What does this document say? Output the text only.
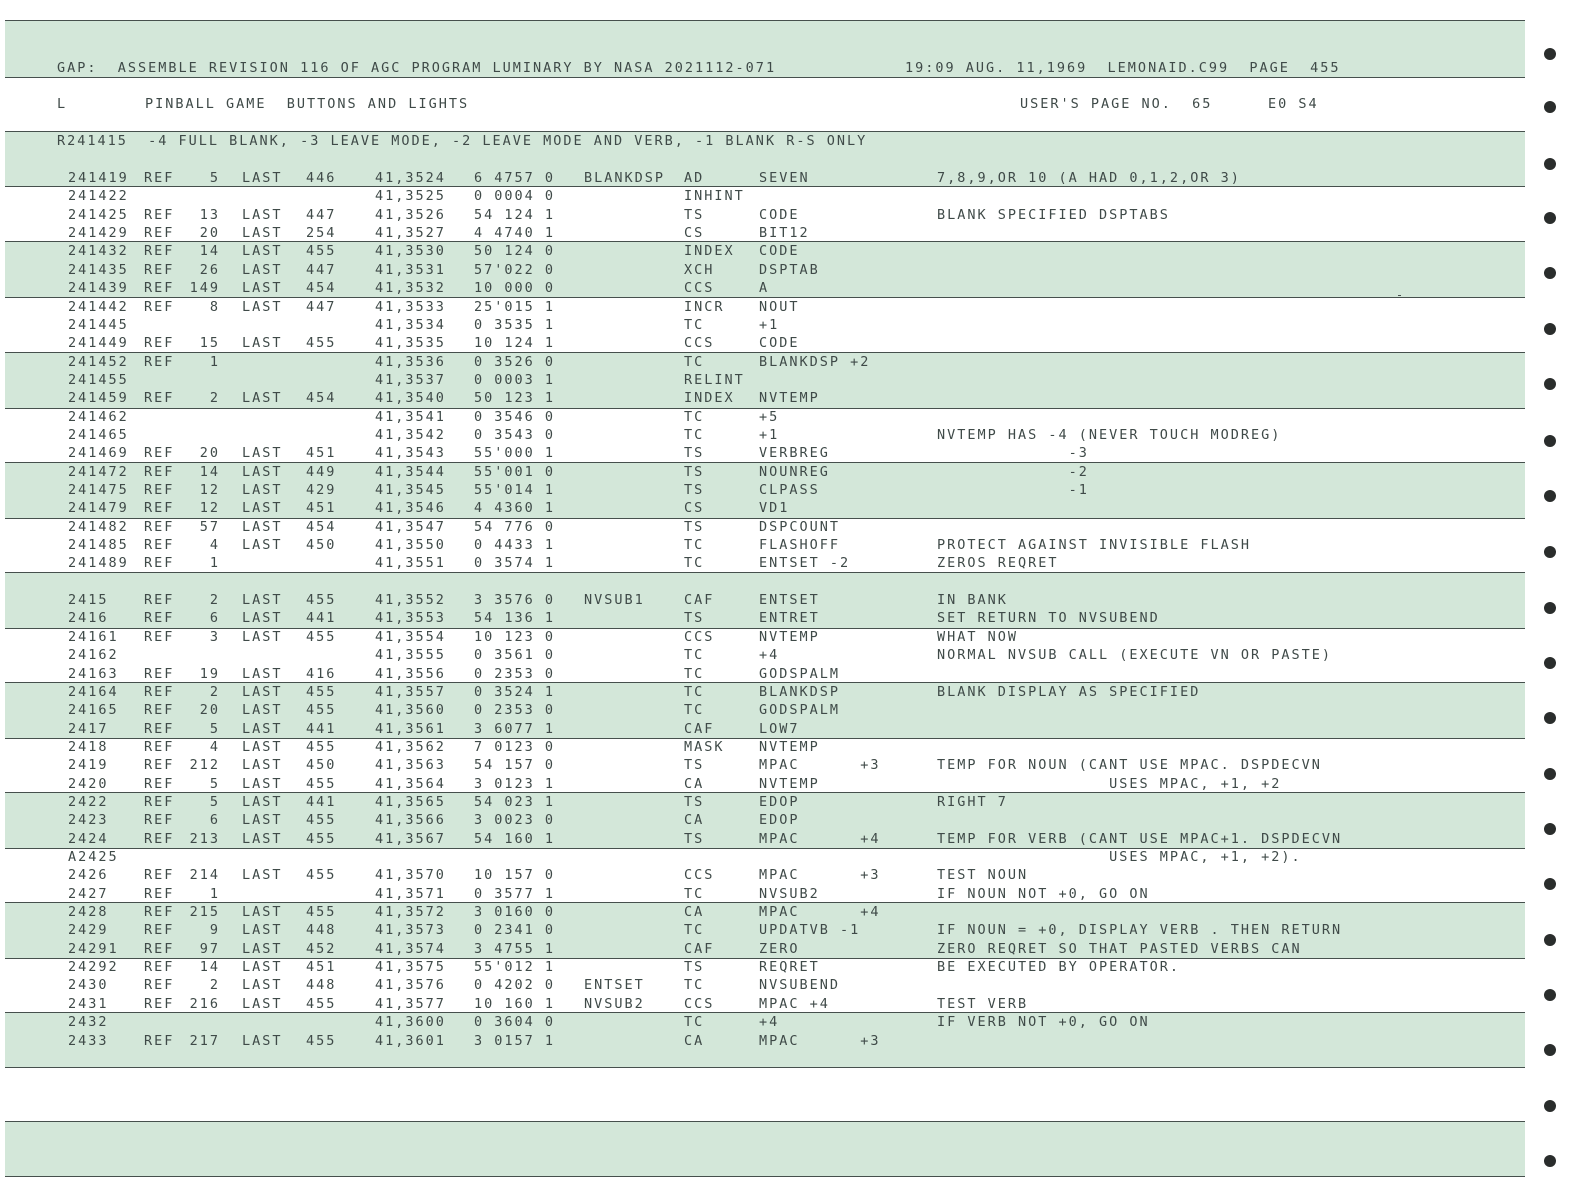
GAP:  ASSEMBLE REVISION 116 OF AGC PROGRAM LUMINARY BY NASA 2021112-071	19:09 AUG. 11,1969  LEMONAID.C99  PAGE  455
L	PINBALL GAME  BUTTONS AND LIGHTS	USER'S PAGE NO.  65	E0 S4
R241415  -4 FULL BLANK, -3 LEAVE MODE, -2 LEAVE MODE AND VERB, -1 BLANK R-S ONLY
241419 REF	5 LAST 446	41,3524 6 4757 0 BLANKDSP AD	SEVEN	7,8,9,OR 10 (A HAD 0,1,2,OR 3)
241422	41,3525 0 0004 0	INHINT
241425 REF	13 LAST 447	41,3526 54 124 1	TS	CODE	BLANK SPECIFIED DSPTABS
241429 REF	20 LAST 254	41,3527 4 4740 1	CS	BIT12
241432 REF	14 LAST 455	41,3530 50 124 0	INDEX CODE
241435 REF	26 LAST 447	41,3531 57'022 0	XCH	DSPTAB
241439 REF	149 LAST 454	41,3532 10 000 0	CCS	A
241442 REF	8 LAST 447	41,3533 25'015 1	INCR	NOUT
241445	41,3534 0 3535 1	TC	+1
241449 REF	15 LAST 455	41,3535 10 124 1	CCS	CODE
241452 REF	1	41,3536 0 3526 0	TC	BLANKDSP +2
241455	41,3537 0 0003 1	RELINT
241459 REF	2 LAST 454	41,3540 50 123 1	INDEX NVTEMP
241462	41,3541 0 3546 0	TC	+5
241465	41,3542 0 3543 0	TC	+1	NVTEMP HAS -4 (NEVER TOUCH MODREG)
241469 REF	20 LAST 451	41,3543 55'000 1	TS	VERBREG	-3
241472 REF	14 LAST 449	41,3544 55'001 0	TS	NOUNREG	-2
241475 REF	12 LAST 429	41,3545 55'014 1	TS	CLPASS	-1
241479 REF	12 LAST 451	41,3546 4 4360 1	CS	VD1
241482 REF	57 LAST 454	41,3547 54 776 0	TS	DSPCOUNT
241485 REF	4 LAST 450	41,3550 0 4433 1	TC	FLASHOFF	PROTECT AGAINST INVISIBLE FLASH
241489 REF	1	41,3551 0 3574 1	TC	ENTSET -2	ZEROS REQRET
2415	REF	2 LAST 455	41,3552 3 3576 0 NVSUB1	CAF	ENTSET	IN BANK
2416	REF	6 LAST 441	41,3553 54 136 1	TS	ENTRET	SET RETURN TO NVSUBEND
24161 REF	3 LAST 455	41,3554 10 123 0	CCS	NVTEMP	WHAT NOW
24162	41,3555 0 3561 0	TC	+4	NORMAL NVSUB CALL (EXECUTE VN OR PASTE)
24163 REF	19 LAST 416	41,3556 0 2353 0	TC	GODSPALM
24164 REF	2 LAST 455	41,3557 0 3524 1	TC	BLANKDSP	BLANK DISPLAY AS SPECIFIED
24165 REF	20 LAST 455	41,3560 0 2353 0	TC	GODSPALM
2417	REF	5 LAST 441	41,3561 3 6077 1	CAF	LOW7
2418	REF	4 LAST 455	41,3562 7 0123 0	MASK	NVTEMP
2419	REF	212 LAST 450	41,3563 54 157 0	TS	MPAC      +3	TEMP FOR NOUN (CANT USE MPAC. DSPDECVN
2420	REF	5 LAST 455	41,3564 3 0123 1	CA	NVTEMP	USES MPAC, +1, +2
2422	REF	5 LAST 441	41,3565 54 023 1	TS	EDOP	RIGHT 7
2423	REF	6 LAST 455	41,3566 3 0023 0	CA	EDOP
2424	REF	213 LAST 455	41,3567 54 160 1	TS	MPAC      +4	TEMP FOR VERB (CANT USE MPAC+1. DSPDECVN
A2425	USES MPAC, +1, +2).
2426	REF	214 LAST 455	41,3570 10 157 0	CCS	MPAC      +3	TEST NOUN
2427	REF	1	41,3571 0 3577 1	TC	NVSUB2	IF NOUN NOT +0, GO ON
2428	REF	215 LAST 455	41,3572 3 0160 0	CA	MPAC      +4
2429	REF	9 LAST 448	41,3573 0 2341 0	TC	UPDATVB -1	IF NOUN = +0, DISPLAY VERB . THEN RETURN
24291 REF	97 LAST 452	41,3574 3 4755 1	CAF	ZERO	ZERO REQRET SO THAT PASTED VERBS CAN
24292 REF	14 LAST 451	41,3575 55'012 1	TS	REQRET	BE EXECUTED BY OPERATOR.
2430	REF	2 LAST 448	41,3576 0 4202 0 ENTSET	TC	NVSUBEND
2431	REF	216 LAST 455	41,3577 10 160 1 NVSUB2	CCS	MPAC +4	TEST VERB
2432	41,3600 0 3604 0	TC	+4	IF VERB NOT +0, GO ON
2433	REF	217 LAST 455	41,3601 3 0157 1	CA	MPAC      +3
